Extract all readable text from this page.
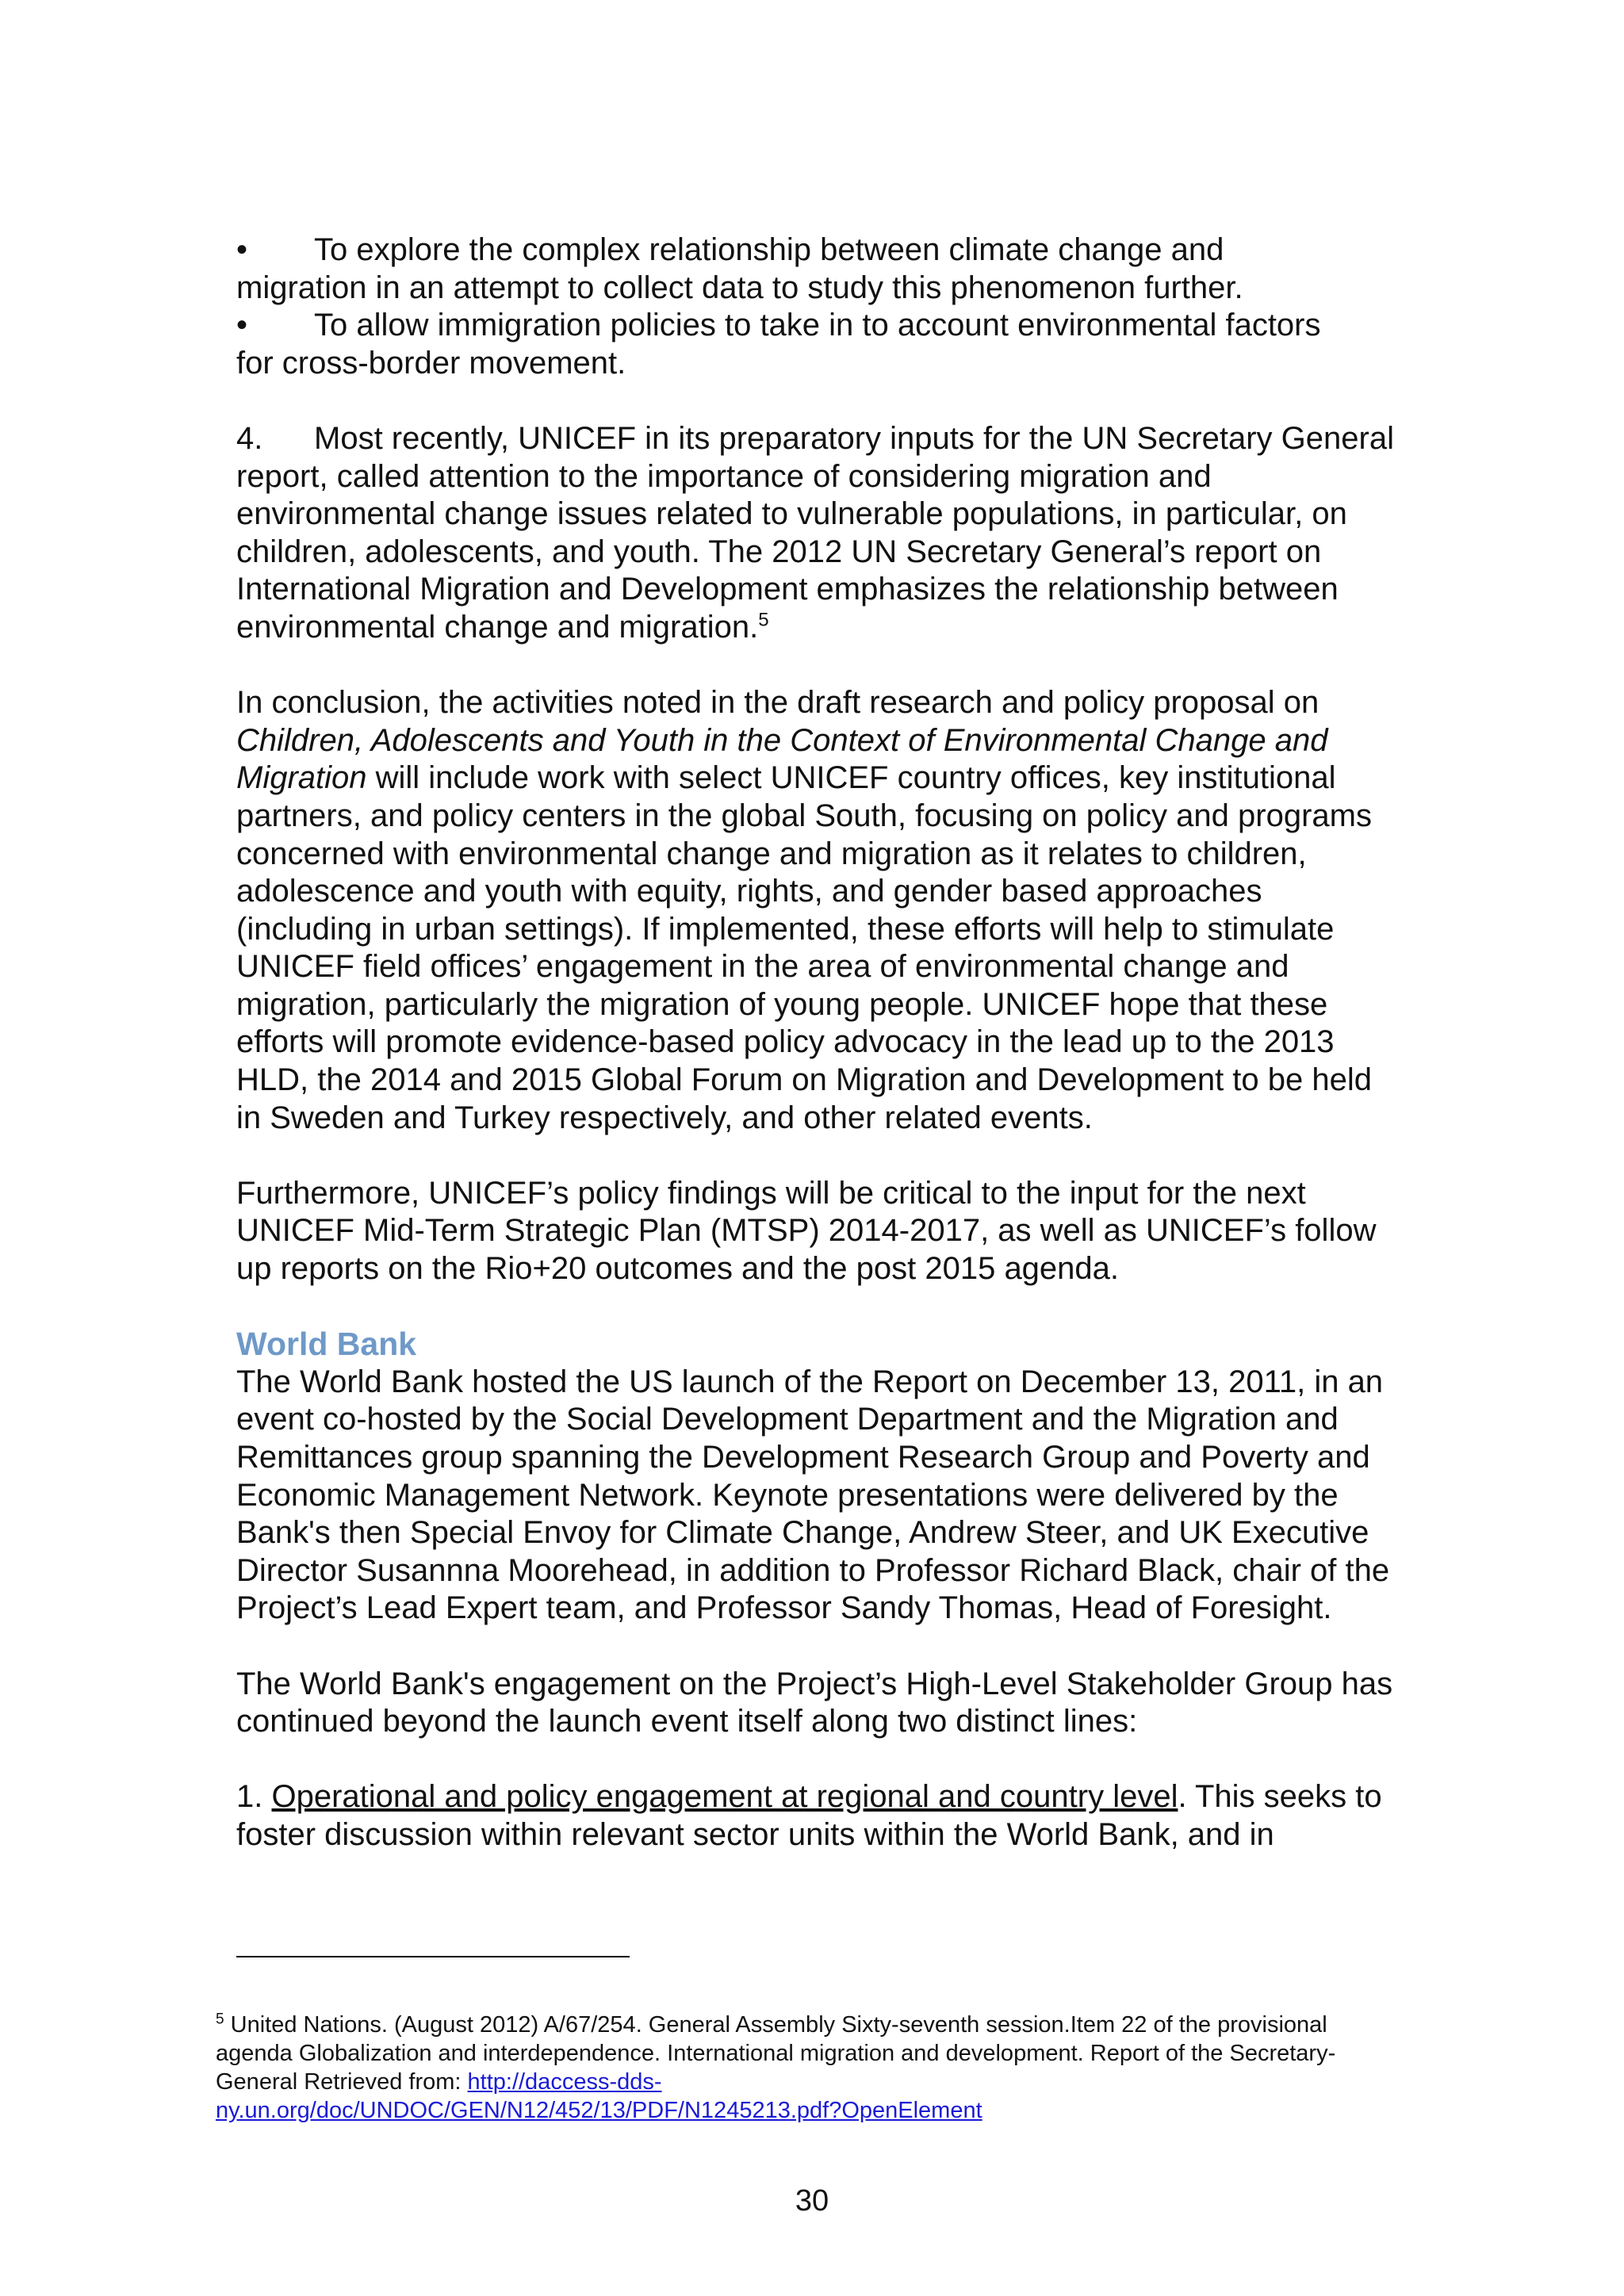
• To explore the complex relationship between climate change and
migration in an attempt to collect data to study this phenomenon further.

• To allow immigration policies to take in to account environmental factors
for cross-border movement.

4. Most recently, UNICEF in its preparatory inputs for the UN Secretary General report, called attention to the importance of considering migration and environmental change issues related to vulnerable populations, in particular, on children, adolescents, and youth. The 2012 UN Secretary General’s report on International Migration and Development emphasizes the relationship between environmental change and migration.$^5$

In conclusion, the activities noted in the draft research and policy proposal on Children, Adolescents and Youth in the Context of Environmental Change and Migration will include work with select UNICEF country offices, key institutional partners, and policy centers in the global South, focusing on policy and programs concerned with environmental change and migration as it relates to children, adolescence and youth with equity, rights, and gender based approaches (including in urban settings). If implemented, these efforts will help to stimulate UNICEF field offices’ engagement in the area of environmental change and migration, particularly the migration of young people. UNICEF hope that these efforts will promote evidence-based policy advocacy in the lead up to the 2013 HLD, the 2014 and 2015 Global Forum on Migration and Development to be held in Sweden and Turkey respectively, and other related events.

Furthermore, UNICEF’s policy findings will be critical to the input for the next UNICEF Mid-Term Strategic Plan (MTSP) 2014-2017, as well as UNICEF’s follow up reports on the Rio+20 outcomes and the post 2015 agenda.

World Bank

The World Bank hosted the US launch of the Report on December 13, 2011, in an event co-hosted by the Social Development Department and the Migration and Remittances group spanning the Development Research Group and Poverty and Economic Management Network. Keynote presentations were delivered by the Bank's then Special Envoy for Climate Change, Andrew Steer, and UK Executive Director Susannna Moorehead, in addition to Professor Richard Black, chair of the Project’s Lead Expert team, and Professor Sandy Thomas, Head of Foresight.

The World Bank's engagement on the Project’s High-Level Stakeholder Group has continued beyond the launch event itself along two distinct lines:

1. Operational and policy engagement at regional and country level. This seeks to foster discussion within relevant sector units within the World Bank, and in

$^5$ United Nations. (August 2012) A/67/254. General Assembly Sixty-seventh session.Item 22 of the provisional agenda Globalization and interdependence. International migration and development. Report of the Secretary-General Retrieved from: http://daccess-dds-
ny.un.org/doc/UNDOC/GEN/N12/452/13/PDF/N1245213.pdf?OpenElement
30
